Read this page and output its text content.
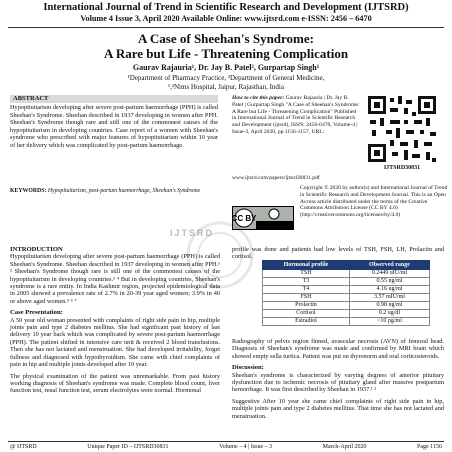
International Journal of Trend in Scientific Research and Development (IJTSRD)
Volume 4 Issue 3, April 2020 Available Online: www.ijtsrd.com e-ISSN: 2456 – 6470
A Case of Sheehan's Syndrome:
A Rare but Life - Threatening Complication
Gaurav Rajauria¹, Dr. Jay B. Patel², Gurpartap Singh¹
¹Department of Pharmacy Practice, ²Department of General Medicine,
¹,²Nims Hospital, Jaipur, Rajasthan, India
ABSTRACT
Hypopituitarism developing after severe post-partum haemorrhage (PPH) is called Sheehan's Syndrome. Sheehan described in 1937 developing in women after PPH. Sheehan's Syndrome though rare and still one of the commonest causes of the hypopituitarism in developing countries. Case report of a women with Sheehan's syndrome who prescribed with major features of hypopituitarism within 10 year of her delivery which was complicated by post-partum haemorrhage.
KEYWORDS: Hypopituitarism, post-partum haemorrhage, Sheehan's Syndrome
How to cite this paper: Gaurav Rajauria | Dr. Jay B. Patel | Gurpartap Singh "A Case of Sheehan's Syndrome: A Rare but Life - Threatening Complication" Published in International Journal of Trend in Scientific Research and Development (ijtsrd), ISSN: 2456-6470, Volume-4 | Issue-3, April 2020, pp.1156-1157, URL:
www.ijtsrd.com/papers/ijtsrd30831.pdf
IJTSRD30831
Copyright © 2020 by author(s) and International Journal of Trend in Scientific Research and Development Journal. This is an Open Access article distributed under the terms of the Creative Commons Attribution License (CC BY 4.0) (http://creativecommons.org/licenses/by/4.0)
CC BY
IJTSRD
INTRODUCTION

Hypopituitarism developing after severe post-partum haemorrhage (PPH) is called Sheehan's Syndrome. Sheehan described in 1937 developing in women after PPH.¹ ² Sheehan's Syndrome though rare is still one of the commonest causes of the hypopituitarism in developing countries.³ ⁴ But in developing countries, Sheehan's syndrome is a rare entity. In India Kashmir region, projected epidemiological data in 2005 showed a prevalence rate of 2.7% in 20-39 year aged women; 3.9% in 40 or above aged women.⁵ ⁶ ⁷

Case Presentation:

A 50 year old woman presented with complaints of right side pain in hip, multiple joints pain and type 2 diabetes mellitus. She had significant past history of last delivery 10 year back which was complicated by severe post-partum haemorrhage (PPH). The patient shifted in intensive care unit & received 2 blood transfusions. Then she has not lactated and menstruation. She had developed irritability, forget fullness and diagnosed with hypothyroidism. She came with chief complaints of pain in hip and multiple joints developed after 10 year.

The physical examination of the patient was unremarkable. From past history working diagnosis of Sheehan's syndrome was made. Complete blood count, liver function test, renal function test, serum electrolytes were normal. Hormonal

profile was done and patients had low levels of TSH, FSH, LH, Prolactin and cortisol.
Hormonal profile	Observed range
TSH	0.2449 uIU/ml
T3	0.55 ng/ml
T4	4.16 ug/ml
FSH	3.57 mIU/ml
Prolactin	0.98 ng/ml
Cortisol	0.2 ug/dl
Estradiol	<10 pg/ml

Radiography of pelvis region finned, avascular necrosis (AVN) of femoral head. Diagnosis of Sheehan's syndrome was made and confirmed by MRI brain which showed empty sella turtica. Patient was put on thyronorm and oral corticosteroids.

Discussion:

Sheehan's syndrome is characterized by varying degrees of anterior pituitary dysfunction due to ischemic necrosis of pituitary gland after massive postpartum hemorrhage. It was first described by Sheehan in 1937.¹ ²

Suggestive After 10 year she came chief complaints of right side pain in hip, multiple joints pain and type 2 diabetes mellitus. That time she has not lactated and menstruation.

@ IJTSRD	Unique Paper ID – IJTSRD30831	Volume – 4 | Issue – 3	March-April 2020	Page 1156
